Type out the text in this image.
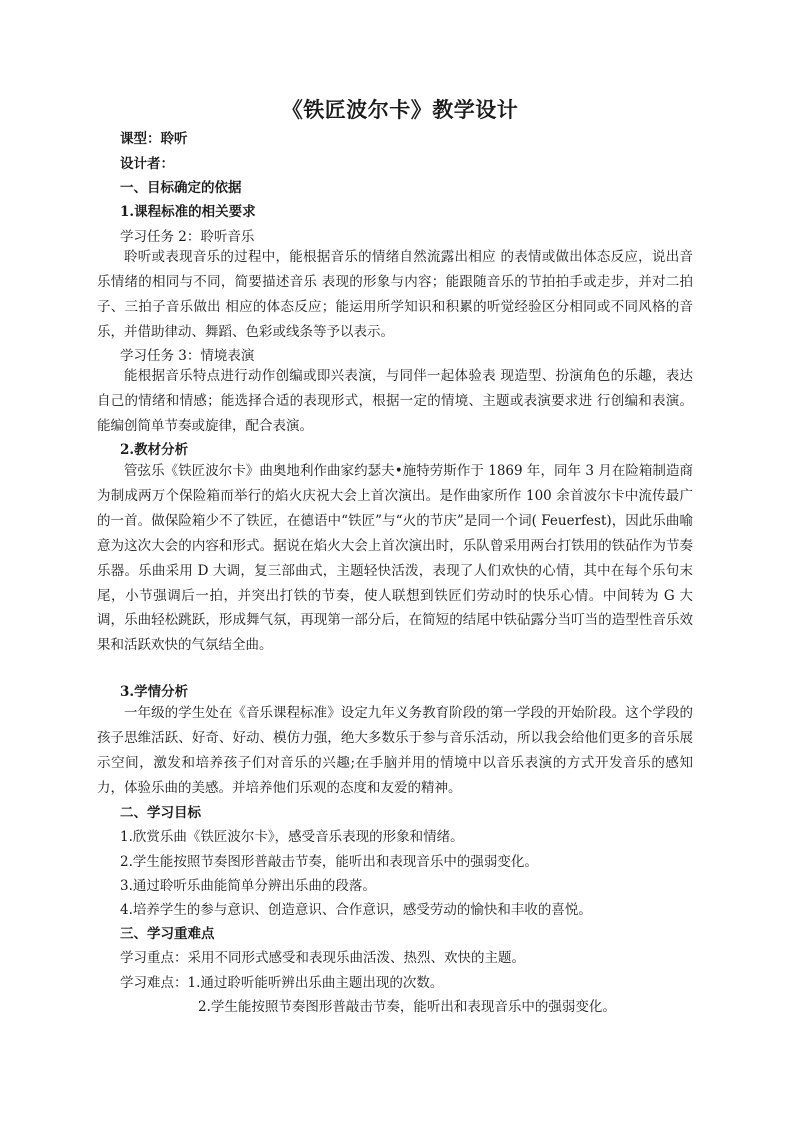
《铁匠波尔卡》教学设计
课型：聆听
设计者：
一、目标确定的依据
1.课程标准的相关要求
学习任务 2：聆听音乐
聆听或表现音乐的过程中，能根据音乐的情绪自然流露出相应 的表情或做出体态反应，说出音乐情绪的相同与不同，简要描述音乐 表现的形象与内容；能跟随音乐的节拍拍手或走步，并对二拍子、三拍子音乐做出 相应的体态反应；能运用所学知识和积累的听觉经验区分相同或不同风格的音乐，并借助律动、舞蹈、色彩或线条等予以表示。
学习任务 3：情境表演
能根据音乐特点进行动作创编或即兴表演，与同伴一起体验表 现造型、扮演角色的乐趣，表达自己的情绪和情感；能选择合适的表现形式，根据一定的情境、主题或表演要求进 行创编和表演。能编创简单节奏或旋律，配合表演。
2.教材分析
管弦乐《铁匠波尔卡》曲奥地利作曲家约瑟夫•施特劳斯作于 1869 年，同年 3 月在险箱制造商为制成两万个保险箱而举行的焰火庆祝大会上首次演出。是作曲家所作 100 余首波尔卡中流传最广的一首。做保险箱少不了铁匠，在德语中“铁匠”与“火的节庆”是同一个词( Feuerfest)，因此乐曲喻意为这次大会的内容和形式。据说在焰火大会上首次演出时，乐队曾采用两台打铁用的铁砧作为节奏乐器。乐曲采用 D 大调，复三部曲式，主题轻快活泼，表现了人们欢快的心情，其中在每个乐句末尾，小节强调后一拍，并突出打铁的节奏，使人联想到铁匠们劳动时的快乐心情。中间转为 G 大调，乐曲轻松跳跃，形成舞气氛，再现第一部分后，在简短的结尾中铁砧露分当叮当的造型性音乐效果和活跃欢快的气氛结全曲。
3.学情分析
一年级的学生处在《音乐课程标准》设定九年义务教育阶段的第一学段的开始阶段。这个学段的孩子思维活跃、好奇、好动、模仿力强，绝大多数乐于参与音乐活动，所以我会给他们更多的音乐展示空间，激发和培养孩子们对音乐的兴趣;在手脑并用的情境中以音乐表演的方式开发音乐的感知力，体验乐曲的美感。并培养他们乐观的态度和友爱的精神。
二、学习目标
1.欣赏乐曲《铁匠波尔卡》，感受音乐表现的形象和情绪。
2.学生能按照节奏图形普敲击节奏，能听出和表现音乐中的强弱变化。
3.通过聆听乐曲能简单分辨出乐曲的段落。
4.培养学生的参与意识、创造意识、合作意识，感受劳动的愉快和丰收的喜悦。
三、学习重难点
学习重点：采用不同形式感受和表现乐曲活泼、热烈、欢快的主题。
学习难点：1.通过聆听能听辨出乐曲主题出现的次数。
2.学生能按照节奏图形普敲击节奏，能听出和表现音乐中的强弱变化。
